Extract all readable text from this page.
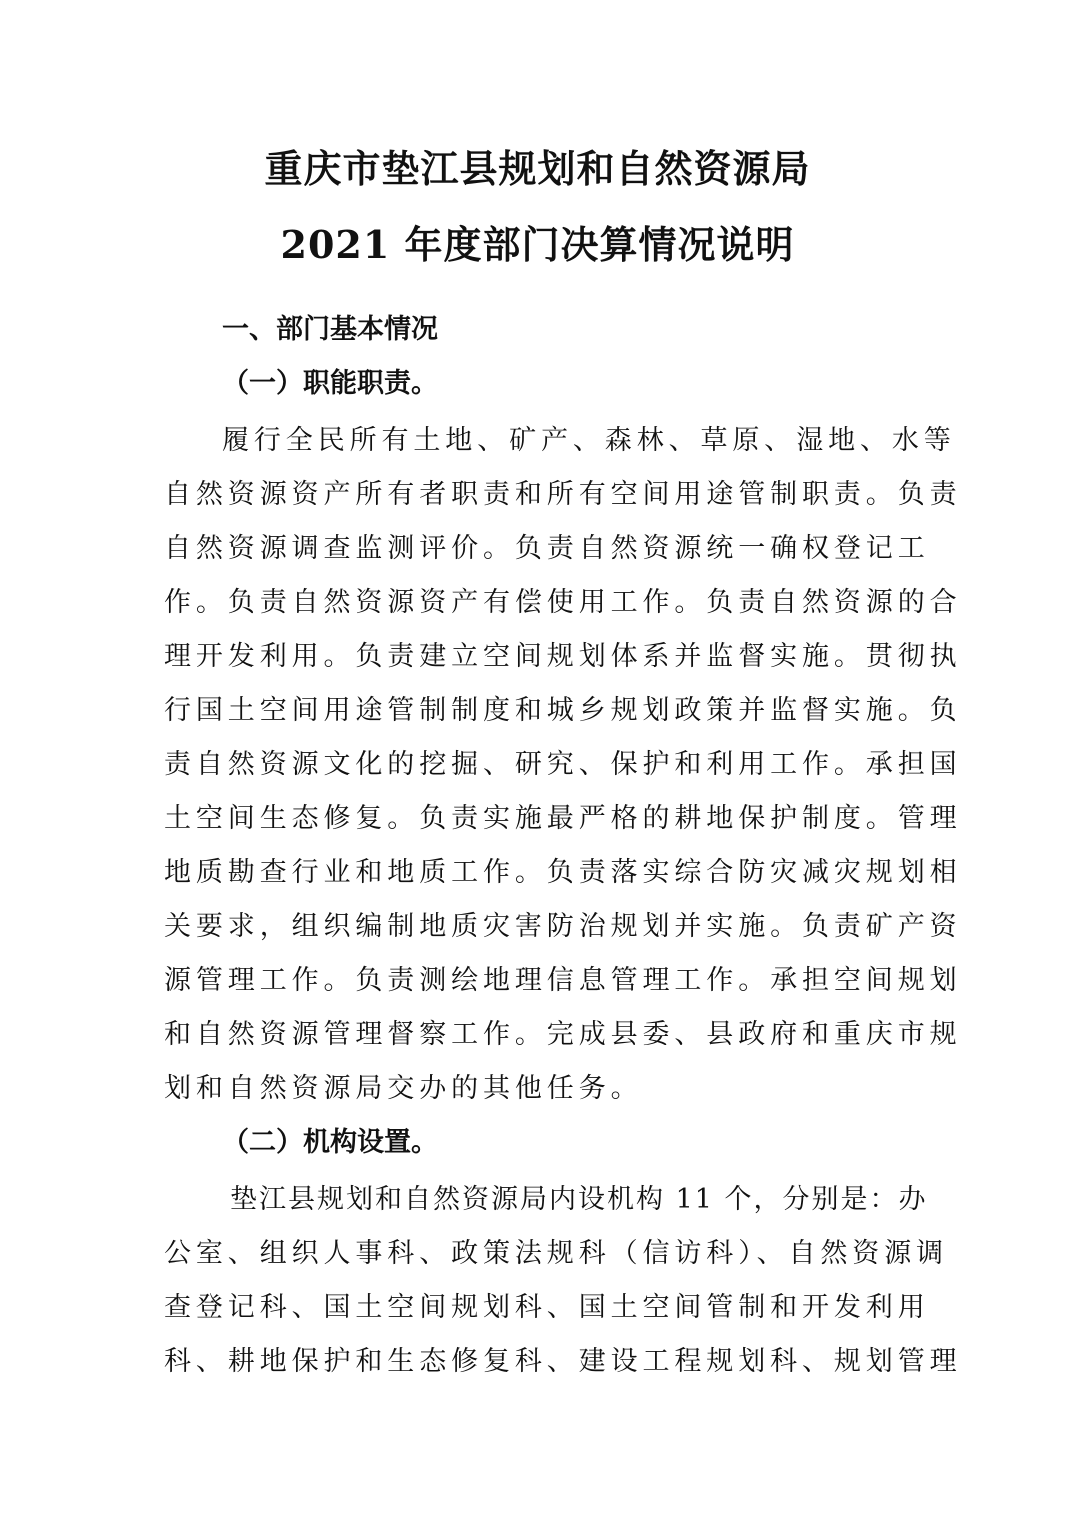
重庆市垫江县规划和自然资源局
2021 年度部门决算情况说明
一、部门基本情况
（一）职能职责。
履行全民所有土地、矿产、森林、草原、湿地、水等
自然资源资产所有者职责和所有空间用途管制职责。负责
自然资源调查监测评价。负责自然资源统一确权登记工
作。负责自然资源资产有偿使用工作。负责自然资源的合
理开发利用。负责建立空间规划体系并监督实施。贯彻执
行国土空间用途管制制度和城乡规划政策并监督实施。负
责自然资源文化的挖掘、研究、保护和利用工作。承担国
土空间生态修复。负责实施最严格的耕地保护制度。管理
地质勘查行业和地质工作。负责落实综合防灾减灾规划相
关要求，组织编制地质灾害防治规划并实施。负责矿产资
源管理工作。负责测绘地理信息管理工作。承担空间规划
和自然资源管理督察工作。完成县委、县政府和重庆市规
划和自然资源局交办的其他任务。
（二）机构设置。
垫江县规划和自然资源局内设机构 11 个，分别是：办
公室、组织人事科、政策法规科（信访科）、自然资源调
查登记科、国土空间规划科、国土空间管制和开发利用
科、耕地保护和生态修复科、建设工程规划科、规划管理
